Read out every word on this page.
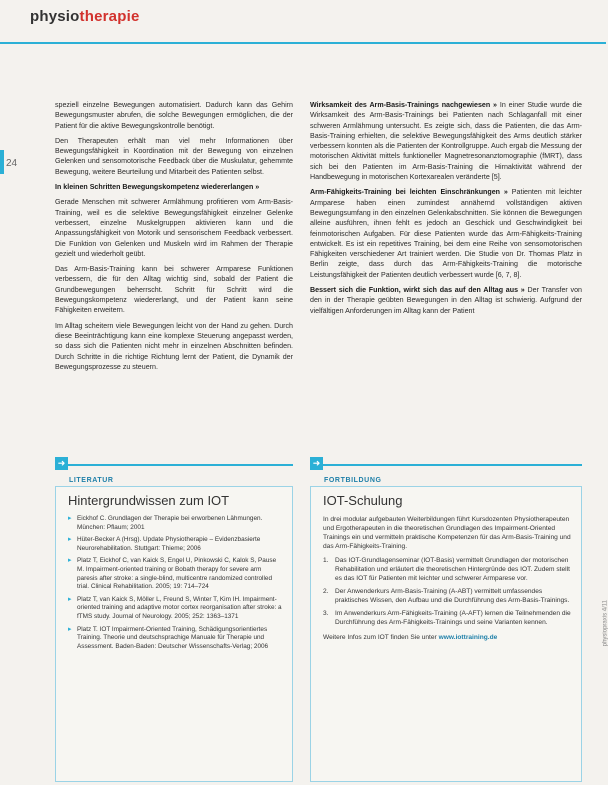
physiotherapie
24

speziell einzelne Bewegungen automatisiert. Dadurch kann das Gehirn Bewegungsmuster abrufen, die solche Bewegungen ermöglichen, die der Patient für die aktive Bewegungskontrolle benötigt.

Den Therapeuten erhält man viel mehr Informationen über Bewegungsfähigkeit in Koordination mit der Bewegung von einzelnen Gelenken und sensomotorische Feedback über die Muskulatur, gehemmte Bewegung, weitere Beurteilung und Mitarbeit des Patienten selbst.

In kleinen Schritten Bewegungskompetenz wiedererlangen »

Gerade Menschen mit schwerer Armlähmung profitieren vom Arm-Basis-Training, weil es die selektive Bewegungsfähigkeit einzelner Gelenke verbessert, einzelne Muskelgruppen aktivieren kann und die Anpassungsfähigkeit von Motorik und sensorischem Feedback verbessert. Die Funktion von Gelenken und Muskeln wird im Rahmen der Therapie gezielt und wiederholt geübt.

Das Arm-Basis-Training kann bei schwerer Armparese Funktionen verbessern, die für den Alltag wichtig sind, sobald der Patient die Grundbewegungen beherrscht. Schritt für Schritt wird die Bewegungskompetenz wiedererlangt, und der Patient kann seine Fähigkeiten erweitern.

Im Alltag scheitern viele Bewegungen leicht von der Hand zu gehen. Durch diese Beeinträchtigung kann eine komplexe Steuerung angepasst werden, so dass sich die Patienten nicht mehr in einzelnen Abschnitten befinden. Durch Schritte in die richtige Richtung lernt der Patient, die Dynamik der Bewegungsprozesse zu steuern.

Wirksamkeit des Arm-Basis-Trainings nachgewiesen » In einer Studie wurde die Wirksamkeit des Arm-Basis-Trainings bei Patienten nach Schlaganfall mit einer schweren Armlähmung untersucht. Es zeigte sich, dass die Patienten, die das Arm-Basis-Training erhielten, die selektive Bewegungsfähigkeit des Arms deutlich stärker verbessern konnten als die Patienten der Kontrollgruppe. Auch ergab die Messung der motorischen Aktivität mittels funktioneller Magnetresonanztomographie (fMRT), dass sich bei den Patienten im Arm-Basis-Training die Hirnaktivität während der Handbewegung in motorischen Kortexarealen veränderte [5].

Arm-Fähigkeits-Training bei leichten Einschränkungen » Patienten mit leichter Armparese haben einen zumindest annähernd vollständigen aktiven Bewegungsumfang in den einzelnen Gelenkabschnitten. Sie können die Bewegungen alleine ausführen, ihnen fehlt es jedoch an Geschick und Geschwindigkeit bei feinmotorischen Aufgaben. Für diese Patienten wurde das Arm-Fähigkeits-Training entwickelt. Es ist ein repetitives Training, bei dem eine Reihe von sensomotorischen Fähigkeiten verschiedener Art trainiert werden. Die Studie von Dr. Thomas Platz in Berlin zeigte, dass durch das Arm-Fähigkeits-Training die motorische Leistungsfähigkeit der Patienten deutlich verbessert wurde [6, 7, 8].

Bessert sich die Funktion, wirkt sich das auf den Alltag aus » Der Transfer von den in der Therapie geübten Bewegungen in den Alltag ist schwierig. Aufgrund der vielfältigen Anforderungen im Alltag kann der Patient

➜
LITERATUR
Hintergrundwissen zum IOT
▸ Eickhof C. Grundlagen der Therapie bei erworbenen Lähmungen. München: Pflaum; 2001
▸ Hüter-Becker A (Hrsg). Update Physiotherapie – Evidenzbasierte Neurorehabilitation. Stuttgart: Thieme; 2006
▸ Platz T, Eickhof C, van Kaick S, Engel U, Pinkowski C, Kalok S, Pause M. Impairment-oriented training or Bobath therapy for severe arm paresis after stroke: a single-blind, multicentre randomized controlled trial. Clinical Rehabilitation. 2005; 19: 714–724
▸ Platz T, van Kaick S, Möller L, Freund S, Winter T, Kim IH. Impairment-oriented training and adaptive motor cortex reorganisation after stroke: a fTMS study. Journal of Neurology. 2005; 252: 1363–1371
▸ Platz T. IOT Impairment-Oriented Training, Schädigungsorientiertes Training. Theorie und deutschsprachige Manuale für Therapie und Assessment. Baden-Baden: Deutscher Wissenschafts-Verlag; 2006
➜
FORTBILDUNG
IOT-Schulung

In drei modular aufgebauten Weiterbildungen führt Kursdozenten Physiotherapeuten und Ergotherapeuten in die theoretischen Grundlagen des Impairment-Oriented Trainings ein und vermitteln praktische Kompetenzen für das Arm-Basis-Training und das Arm-Fähigkeits-Training.

1. Das IOT-Grundlagenseminar (IOT-Basis) vermittelt Grundlagen der motorischen Rehabilitation und erläutert die theoretischen Hintergründe des IOT. Zudem stellt es das IOT für Patienten mit leichter und schwerer Armparese vor.
2. Der Anwenderkurs Arm-Basis-Training (A-ABT) vermittelt umfassendes praktisches Wissen, den Aufbau und die Durchführung des Arm-Basis-Trainings.
3. Im Anwenderkurs Arm-Fähigkeits-Training (A-AFT) lernen die Teilnehmenden die Durchführung des Arm-Fähigkeits-Trainings und seine Varianten kennen.
Weitere Infos zum IOT finden Sie unter www.iottraining.de	physiopraxis 4/11
